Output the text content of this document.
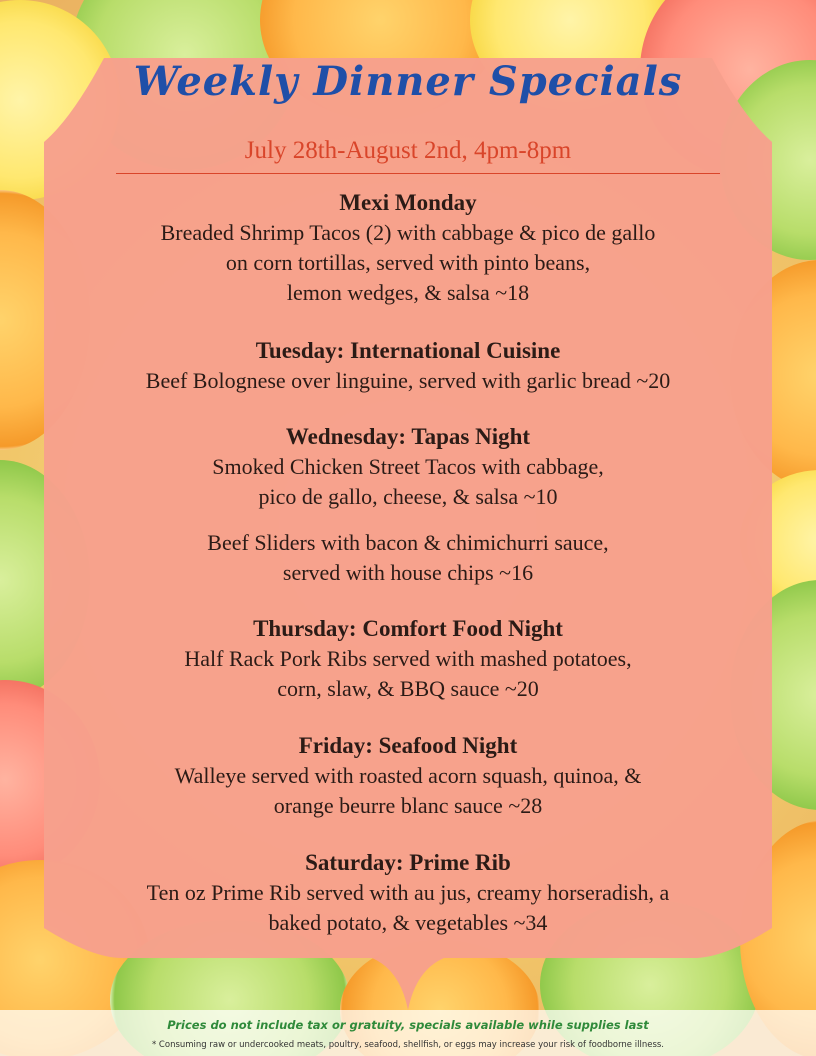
Weekly Dinner Specials
July 28th-August 2nd, 4pm-8pm
Mexi Monday
Breaded Shrimp Tacos (2) with cabbage & pico de gallo
on corn tortillas, served with pinto beans,
lemon wedges, & salsa ~18
Tuesday: International Cuisine
Beef Bolognese over linguine, served with garlic bread ~20
Wednesday: Tapas Night
Smoked Chicken Street Tacos with cabbage,
pico de gallo, cheese, & salsa ~10
Beef Sliders with bacon & chimichurri sauce,
served with house chips ~16
Thursday: Comfort Food Night
Half Rack Pork Ribs served with mashed potatoes,
corn, slaw, & BBQ sauce ~20
Friday: Seafood Night
Walleye served with roasted acorn squash, quinoa, &
orange beurre blanc sauce ~28
Saturday: Prime Rib
Ten oz Prime Rib served with au jus, creamy horseradish, a
baked potato, & vegetables ~34
Prices do not include tax or gratuity, specials available while supplies last
* Consuming raw or undercooked meats, poultry, seafood, shellfish, or eggs may increase your risk of foodborne illness.
